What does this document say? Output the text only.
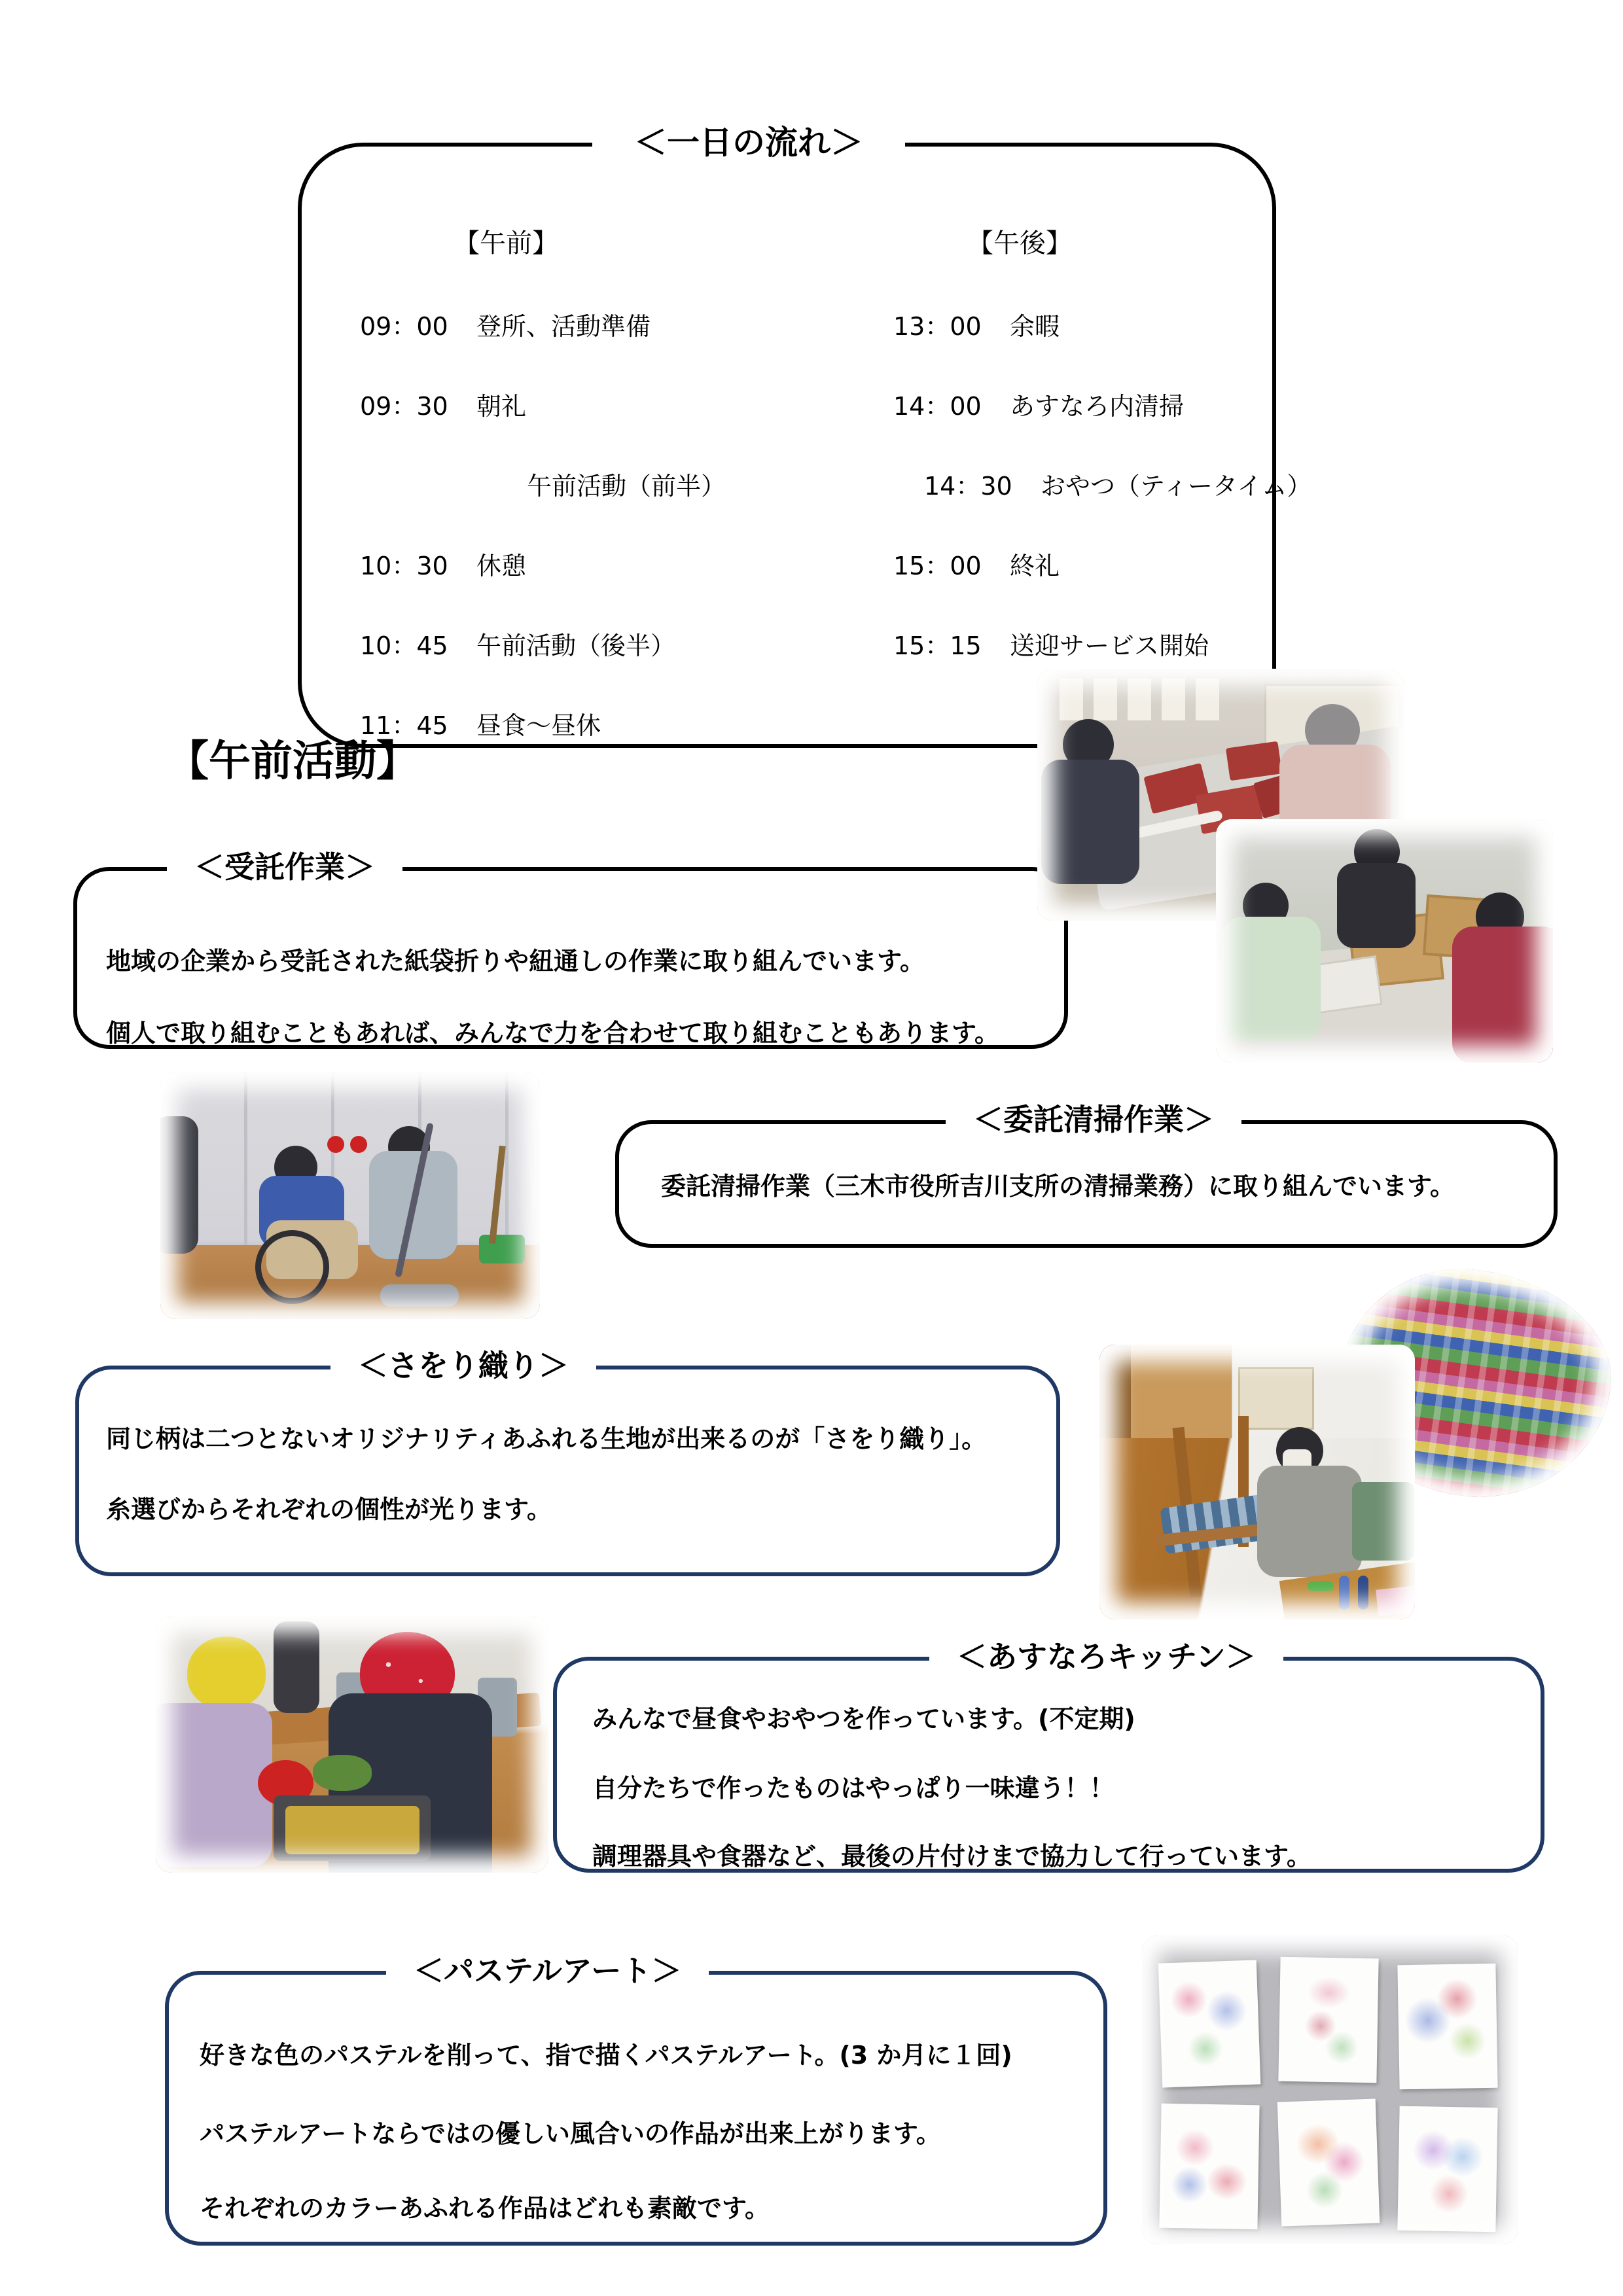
＜一日の流れ＞
【午前】	【午後】
09：00 登所、活動準備
09：30 朝礼
午前活動（前半）
10：30 休憩
10：45 午前活動（後半）
11：45 昼食～昼休
13：00 余暇
14：00 あすなろ内清掃
14：30 おやつ（ティータイム）
15：00 終礼
15：15 送迎サービス開始
【午前活動】
＜受託作業＞
地域の企業から受託された紙袋折りや紐通しの作業に取り組んでいます。
個人で取り組むこともあれば、みんなで力を合わせて取り組むこともあります。
＜委託清掃作業＞
委託清掃作業（三木市役所吉川支所の清掃業務）に取り組んでいます。
＜さをり織り＞
同じ柄は二つとないオリジナリティあふれる生地が出来るのが「さをり織り」。
糸選びからそれぞれの個性が光ります。
＜あすなろキッチン＞
みんなで昼食やおやつを作っています。(不定期)
自分たちで作ったものはやっぱり一味違う！！
調理器具や食器など、最後の片付けまで協力して行っています。
＜パステルアート＞
好きな色のパステルを削って、指で描くパステルアート。(3 か月に１回)
パステルアートならではの優しい風合いの作品が出来上がります。
それぞれのカラーあふれる作品はどれも素敵です。
